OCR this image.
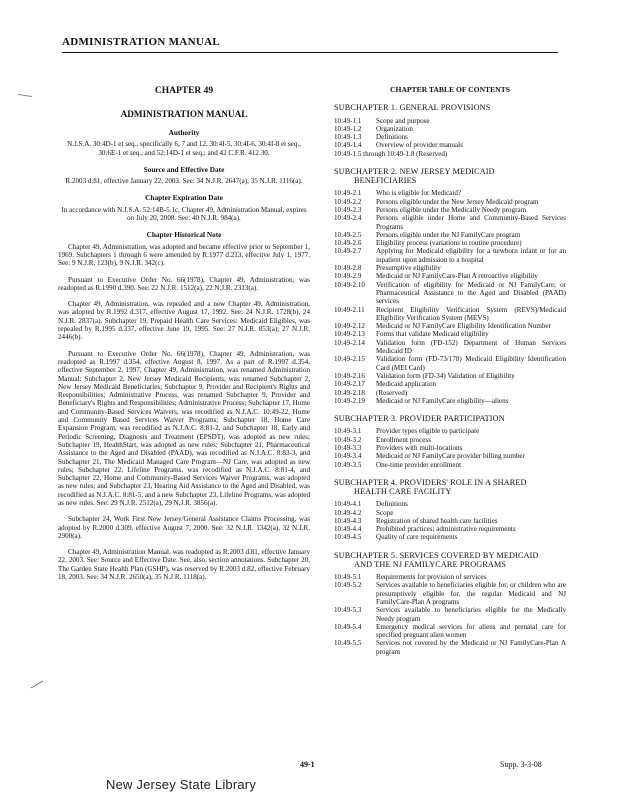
ADMINISTRATION MANUAL
CHAPTER 49
ADMINISTRATION MANUAL
Authority

N.J.S.A. 30:4D-1 et seq., specifically 6, 7 and 12, 30:4I-5, 30:4I-6, 30:4I-8 et seq., 30:6E-1 et seq., and 52:14D-1 et seq.; and 42 C.F.R. 412.30.

Source and Effective Date

R.2003 d.81, effective January 22, 2003. See: 34 N.J.R. 2647(a), 35 N.J.R. 1116(a).

Chapter Expiration Date

In accordance with N.J.S.A. 52:14B-5.1c, Chapter 49, Administration Manual, expires on July 20, 2008. See: 40 N.J.R. 984(a).

Chapter Historical Note

Chapter 49, Administration, was adopted and became effective prior to September 1, 1969. Subchapters 1 through 6 were amended by R.1977 d.213, effective July 1, 1977. See: 9 N.J.R. 123(b), 9 N.J.R. 342(c).

Pursuant to Executive Order No. 66(1978), Chapter 49, Administration, was readopted as R.1990 d.390. See: 22 N.J.R. 1512(a), 22 N.J.R. 2313(a).

Chapter 49, Administration, was repealed and a new Chapter 49, Administration, was adopted by R.1992 d.317, effective August 17, 1992. See: 24 N.J.R. 1728(b), 24 N.J.R. 2837(a). Subchapter 19, Prepaid Health Care Services: Medicaid Eligibles, was repealed by R.1995 d.337, effective June 19, 1995. See: 27 N.J.R. 853(a); 27 N.J.R. 2446(b).

Pursuant to Executive Order No. 66(1978), Chapter 49, Administration, was readopted as R.1997 d.354, effective August 8, 1997. As a part of R.1997 d.354, effective September 2, 1997, Chapter 49, Administration, was renamed Administration Manual: Subchapter 2, New Jersey Medicaid Recipients, was renamed Subchapter 2, New Jersey Medicaid Beneficiaries; Subchapter 9, Provider and Recipient's Rights and Responsibilities; Administrative Process, was renamed Subchapter 9, Provider and Beneficiary's Rights and Responsibilities; Administrative Process; Subchapter 17, Home and Community-Based Services Waivers, was recodified as N.J.A.C. 10:49-22, Home and Community Based Services Waiver Programs; Subchapter 18, Home Care Expansion Program, was recodified as N.J.A.C. 8:81-2, and Subchapter 18, Early and Periodic Screening, Diagnosis and Treatment (EPSDT), was adopted as new rules; Subchapter 19, HealthStart, was adopted as new rules; Subchapter 21, Pharmaceutical Assistance to the Aged and Disabled (PAAD), was recodified as N.J.A.C. 8:83-3, and Subchapter 21, The Medicaid Managed Care Program—NJ Care, was adopted as new rules; Subchapter 22, Lifeline Programs, was recodified as N.J.A.C. 8:81-4, and Subchapter 22, Home and Community-Based Services Waiver Programs, was adopted as new rules; and Subchapter 23, Hearing Aid Assistance to the Aged and Disabled, was recodified as N.J.A.C. 8:81-5, and a new Subchapter 23, Lifeline Programs, was adopted as new rules. See: 29 N.J.R. 2512(a), 29 N.J.R. 3856(a).

Subchapter 24, Work First New Jersey/General Assistance Claims Processing, was adopted by R.2000 d.309, effective August 7, 2000. See: 32 N.J.R. 1342(a), 32 N.J.R. 2900(a).

Chapter 49, Administration Manual, was readopted as R.2003 d.81, effective January 22, 2003. See: Source and Effective Date. See, also, section annotations. Subchapter 20, The Garden State Health Plan (GSHP), was reserved by R.2003 d.82, effective February 18, 2003. See: 34 N.J.R. 2650(a), 35 N.J.R. 1118(a).

CHAPTER TABLE OF CONTENTS
SUBCHAPTER 1. GENERAL PROVISIONS
10:49-1.1	Scope and purpose
10:49-1.2	Organization
10:49-1.3	Definitions
10:49-1.4	Overview of provider manuals
10:49-1.5 through 10:49-1.8 (Reserved)
SUBCHAPTER 2. NEW JERSEY MEDICAID
BENEFICIARIES
10:49-2.1	Who is eligible for Medicaid?
10:49-2.2	Persons eligible under the New Jersey Medicaid program
10:49-2.3	Persons eligible under the Medically Needy program
10:49-2.4	Persons eligible under Home and Community-Based Services Programs
10:49-2.5	Persons eligible under the NJ FamilyCare program
10:49-2.6	Eligibility process (variations to routine procedure)
10:49-2.7	Applying for Medicaid eligibility for a newborn infant or for an inpatient upon admission to a hospital
10:49-2.8	Presumptive eligibility
10:49-2.9	Medicaid or NJ FamilyCare-Plan A retroactive eligibility
10:49-2.10	Verification of eligibility for Medicaid or NJ FamilyCare; or Pharmaceutical Assistance to the Aged and Disabled (PAAD) services
10:49-2.11	Recipient Eligibility Verification System (REVS)/Medicaid Eligibility Verification System (MEVS)
10:49-2.12	Medicaid or NJ FamilyCare Eligibility Identification Number
10:49-2.13	Forms that validate Medicaid eligibility
10:49-2.14	Validation form (FD-152) Department of Human Services Medicaid ID
10:49-2.15	Validation form (FD-73/178) Medicaid Eligibility Identification Card (MEI Card)
10:49-2.16	Validation form (FD-34) Validation of Eligibility
10:49-2.17	Medicaid application
10:49-2.18	(Reserved)
10:49-2.19	Medicaid or NJ FamilyCare eligibility—aliens
SUBCHAPTER 3. PROVIDER PARTICIPATION
10:49-3.1	Provider types eligible to participate
10:49-3.2	Enrollment process
10:49-3.3	Providers with multi-locations
10:49-3.4	Medicaid or NJ FamilyCare provider billing number
10:49-3.5	One-time provider enrollment
SUBCHAPTER 4. PROVIDERS' ROLE IN A SHARED
HEALTH CARE FACILITY
10:49-4.1	Definitions
10:49-4.2	Scope
10:49-4.3	Registration of shared health care facilities
10:49-4.4	Prohibited practices; administrative requirements
10:49-4.5	Quality of care requirements
SUBCHAPTER 5. SERVICES COVERED BY MEDICAID
AND THE NJ FAMILYCARE PROGRAMS
10:49-5.1	Requirements for provision of services
10:49-5.2	Services available to beneficiaries eligible for, or children who are presumptively eligible for, the regular Medicaid and NJ FamilyCare-Plan A programs
10:49-5.3	Services available to beneficiaries eligible for the Medically Needy program
10:49-5.4	Emergency medical services for aliens and prenatal care for specified pregnant alien women
10:49-5.5	Services not covered by the Medicaid or NJ FamilyCare-Plan A program
49-1	Supp. 3-3-08
New Jersey State Library
